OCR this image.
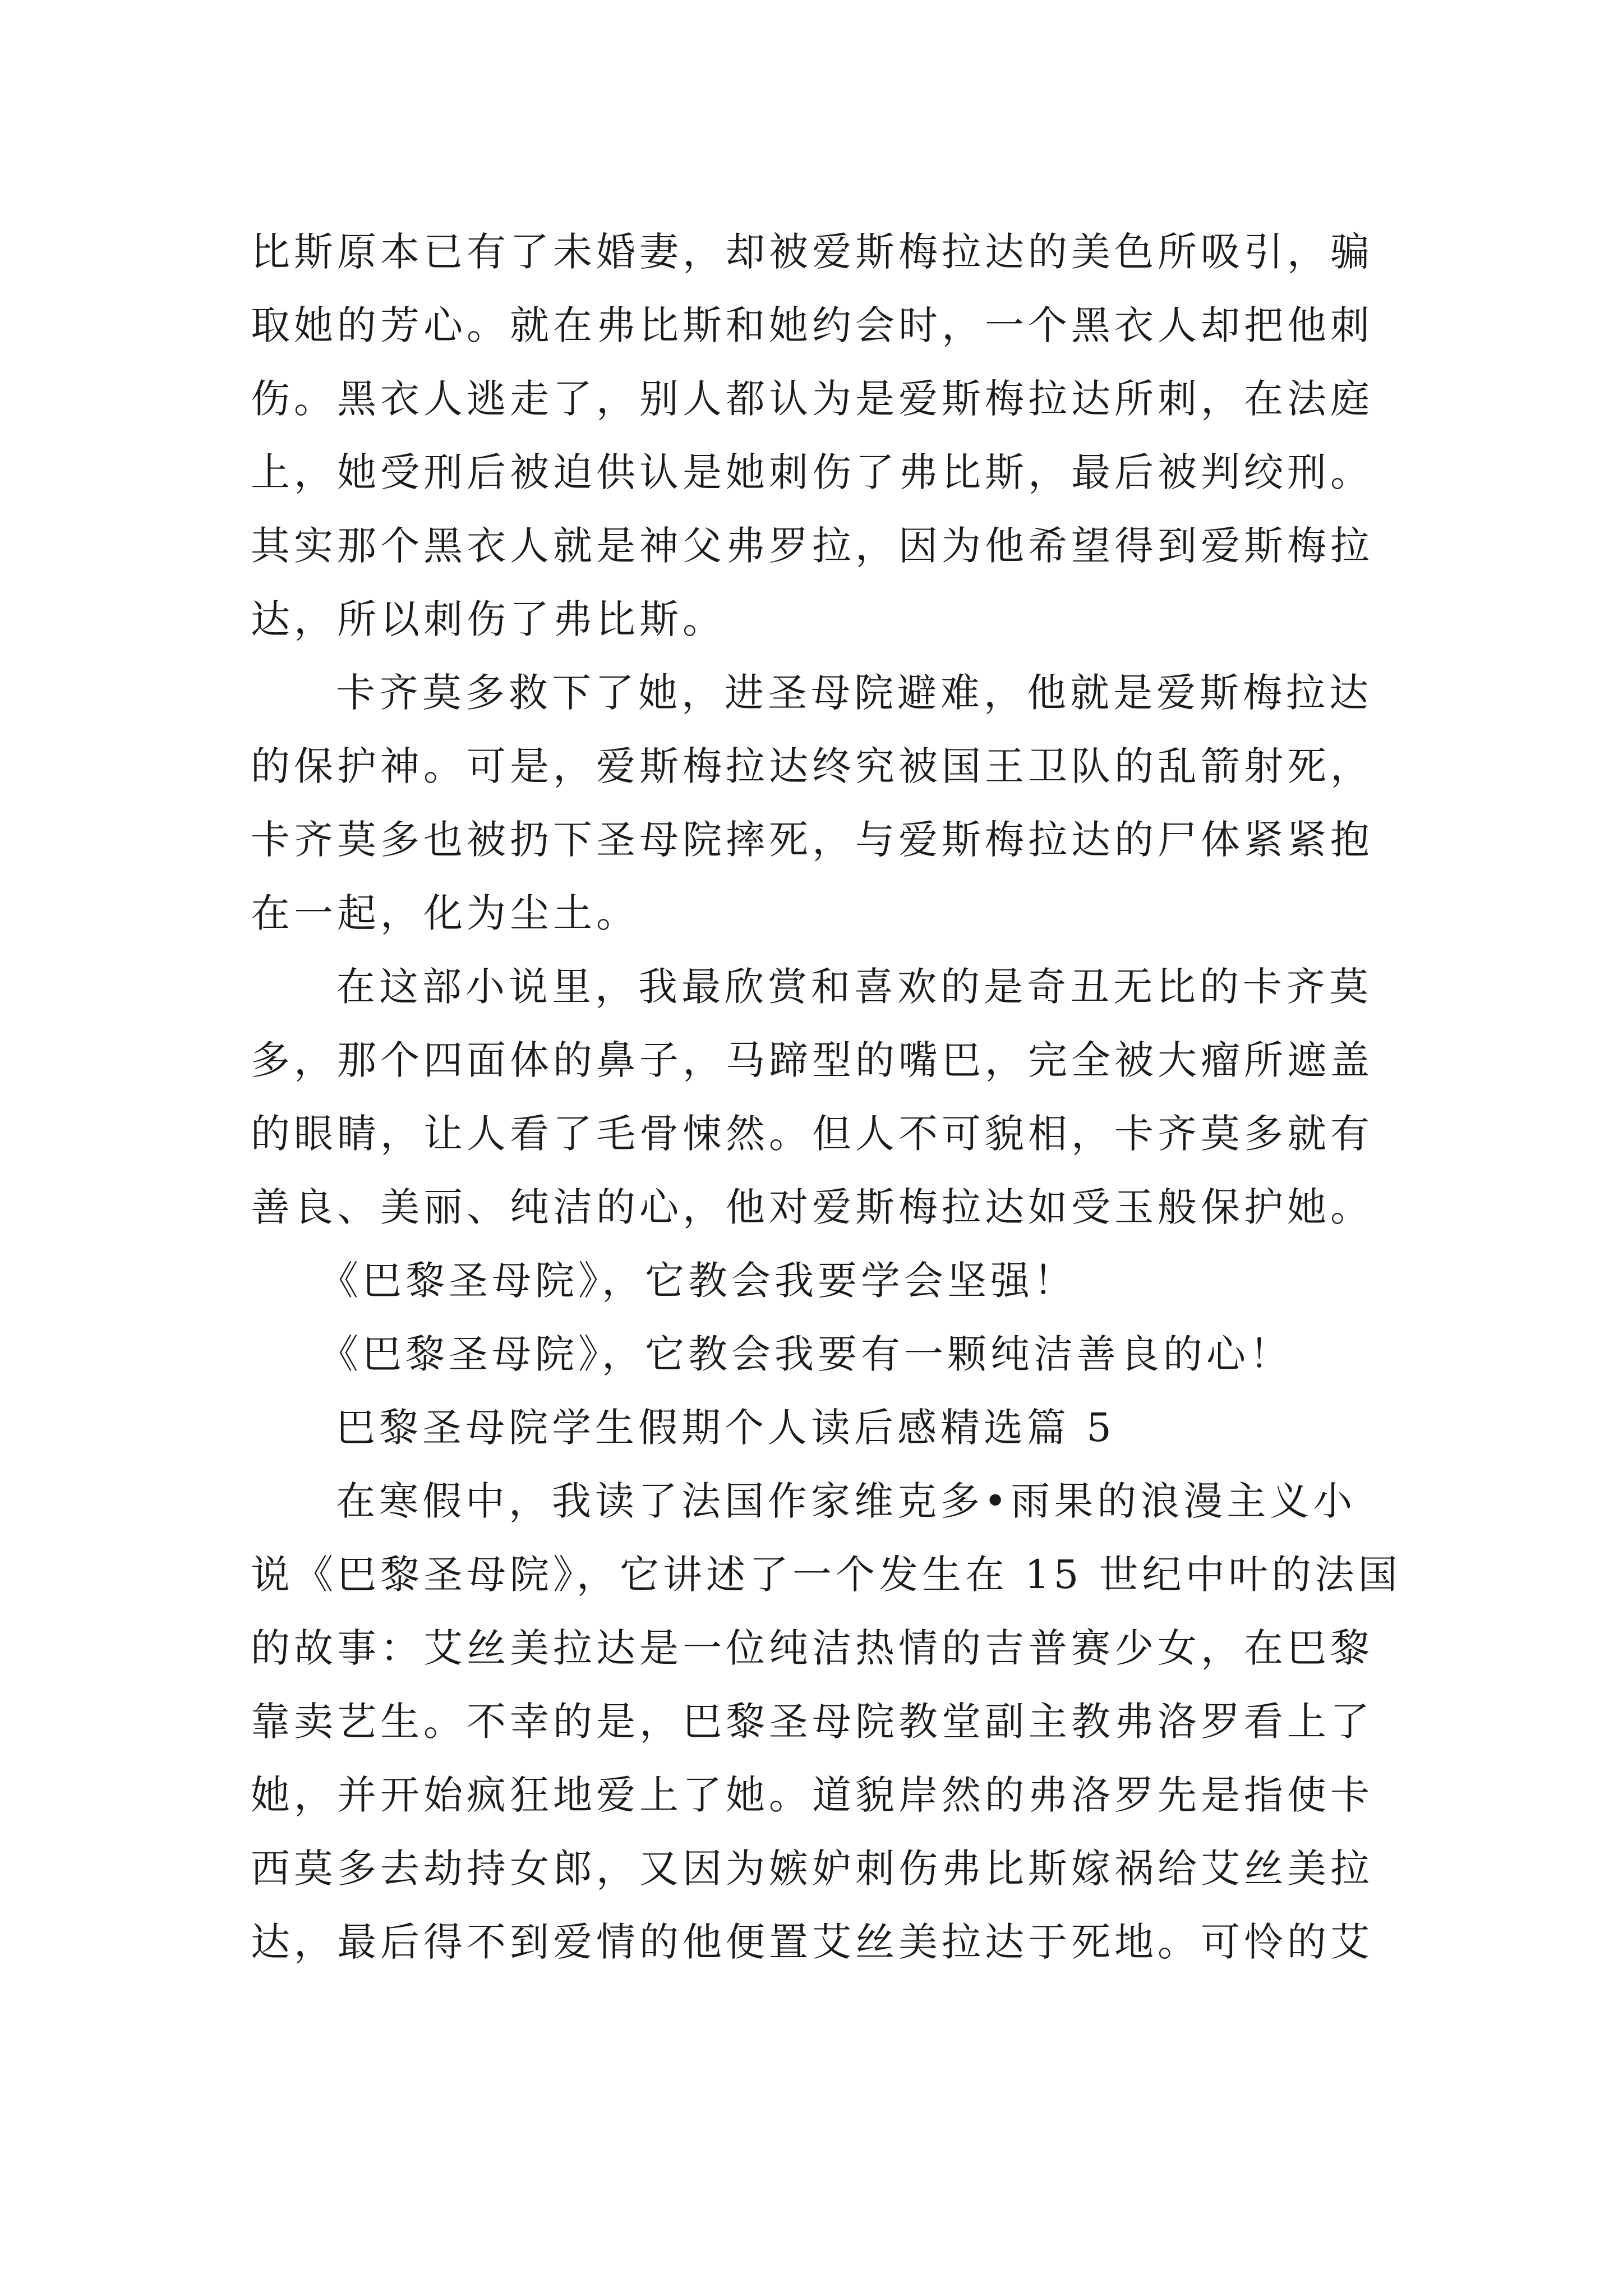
比斯原本已有了未婚妻，却被爱斯梅拉达的美色所吸引，骗
取她的芳心。就在弗比斯和她约会时，一个黑衣人却把他刺
伤。黑衣人逃走了，别人都认为是爱斯梅拉达所刺，在法庭
上，她受刑后被迫供认是她刺伤了弗比斯，最后被判绞刑。
其实那个黑衣人就是神父弗罗拉，因为他希望得到爱斯梅拉
达，所以刺伤了弗比斯。
卡齐莫多救下了她，进圣母院避难，他就是爱斯梅拉达
的保护神。可是，爱斯梅拉达终究被国王卫队的乱箭射死，
卡齐莫多也被扔下圣母院摔死，与爱斯梅拉达的尸体紧紧抱
在一起，化为尘土。
在这部小说里，我最欣赏和喜欢的是奇丑无比的卡齐莫
多，那个四面体的鼻子，马蹄型的嘴巴，完全被大瘤所遮盖
的眼睛，让人看了毛骨悚然。但人不可貌相，卡齐莫多就有
善良、美丽、纯洁的心，他对爱斯梅拉达如受玉般保护她。
《巴黎圣母院》，它教会我要学会坚强！
《巴黎圣母院》，它教会我要有一颗纯洁善良的心！
巴黎圣母院学生假期个人读后感精选篇 5
在寒假中，我读了法国作家维克多•雨果的浪漫主义小
说《巴黎圣母院》，它讲述了一个发生在 15 世纪中叶的法国
的故事：艾丝美拉达是一位纯洁热情的吉普赛少女，在巴黎
靠卖艺生。不幸的是，巴黎圣母院教堂副主教弗洛罗看上了
她，并开始疯狂地爱上了她。道貌岸然的弗洛罗先是指使卡
西莫多去劫持女郎，又因为嫉妒刺伤弗比斯嫁祸给艾丝美拉
达，最后得不到爱情的他便置艾丝美拉达于死地。可怜的艾
